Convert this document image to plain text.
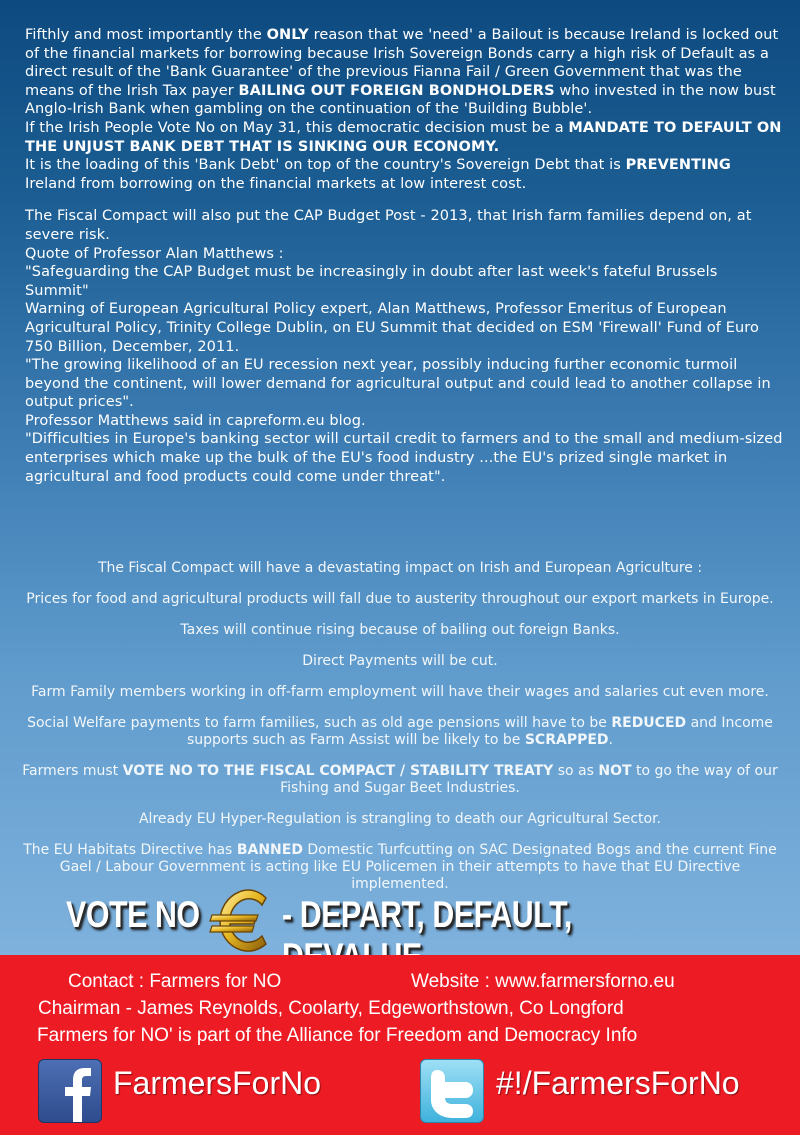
Fifthly and most importantly the ONLY reason that we 'need' a Bailout is because Ireland is locked out of the financial markets for borrowing because Irish Sovereign Bonds carry a high risk of Default as a direct result of the 'Bank Guarantee' of the previous Fianna Fail / Green Government that was the means of the Irish Tax payer BAILING OUT FOREIGN BONDHOLDERS who invested in the now bust Anglo-Irish Bank when gambling on the continuation of the 'Building Bubble'.

If the Irish People Vote No on May 31, this democratic decision must be a MANDATE TO DEFAULT ON THE UNJUST BANK DEBT THAT IS SINKING OUR ECONOMY.

It is the loading of this 'Bank Debt' on top of the country's Sovereign Debt that is PREVENTING Ireland from borrowing on the financial markets at low interest cost.

The Fiscal Compact will also put the CAP Budget Post - 2013, that Irish farm families depend on, at severe risk.

Quote of Professor Alan Matthews :

"Safeguarding the CAP Budget must be increasingly in doubt after last week's fateful Brussels Summit"

Warning of European Agricultural Policy expert, Alan Matthews, Professor Emeritus of European Agricultural Policy, Trinity College Dublin, on EU Summit that decided on ESM 'Firewall' Fund of Euro 750 Billion, December, 2011.

"The growing likelihood of an EU recession next year, possibly inducing further economic turmoil beyond the continent, will lower demand for agricultural output and could lead to another collapse in output prices".

Professor Matthews said in capreform.eu blog.

"Difficulties in Europe's banking sector will curtail credit to farmers and to the small and medium-sized enterprises which make up the bulk of the EU's food industry ...the EU's prized single market in agricultural and food products could come under threat".

The Fiscal Compact will have a devastating impact on Irish and European Agriculture :

Prices for food and agricultural products will fall due to austerity throughout our export markets in Europe.

Taxes will continue rising because of bailing out foreign Banks.

Direct Payments will be cut.

Farm Family members working in off-farm employment will have their wages and salaries cut even more.

Social Welfare payments to farm families, such as old age pensions will have to be REDUCED and Income supports such as Farm Assist will be likely to be SCRAPPED.

Farmers must VOTE NO TO THE FISCAL COMPACT / STABILITY TREATY so as NOT to go the way of our Fishing and Sugar Beet Industries.

Already EU Hyper-Regulation is strangling to death our Agricultural Sector.

The EU Habitats Directive has BANNED Domestic Turfcutting on SAC Designated Bogs and the current Fine Gael / Labour Government is acting like EU Policemen in their attempts to have that EU Directive implemented.

VOTE NO - DEPART, DEFAULT,
Contact : Farmers for NO	Website : www.farmersforno.eu
Chairman - James Reynolds, Coolarty, Edgeworthstown, Co Longford
Farmers for NO' is part of the Alliance for Freedom and Democracy Info
FarmersForNo	#!/FarmersForNo
